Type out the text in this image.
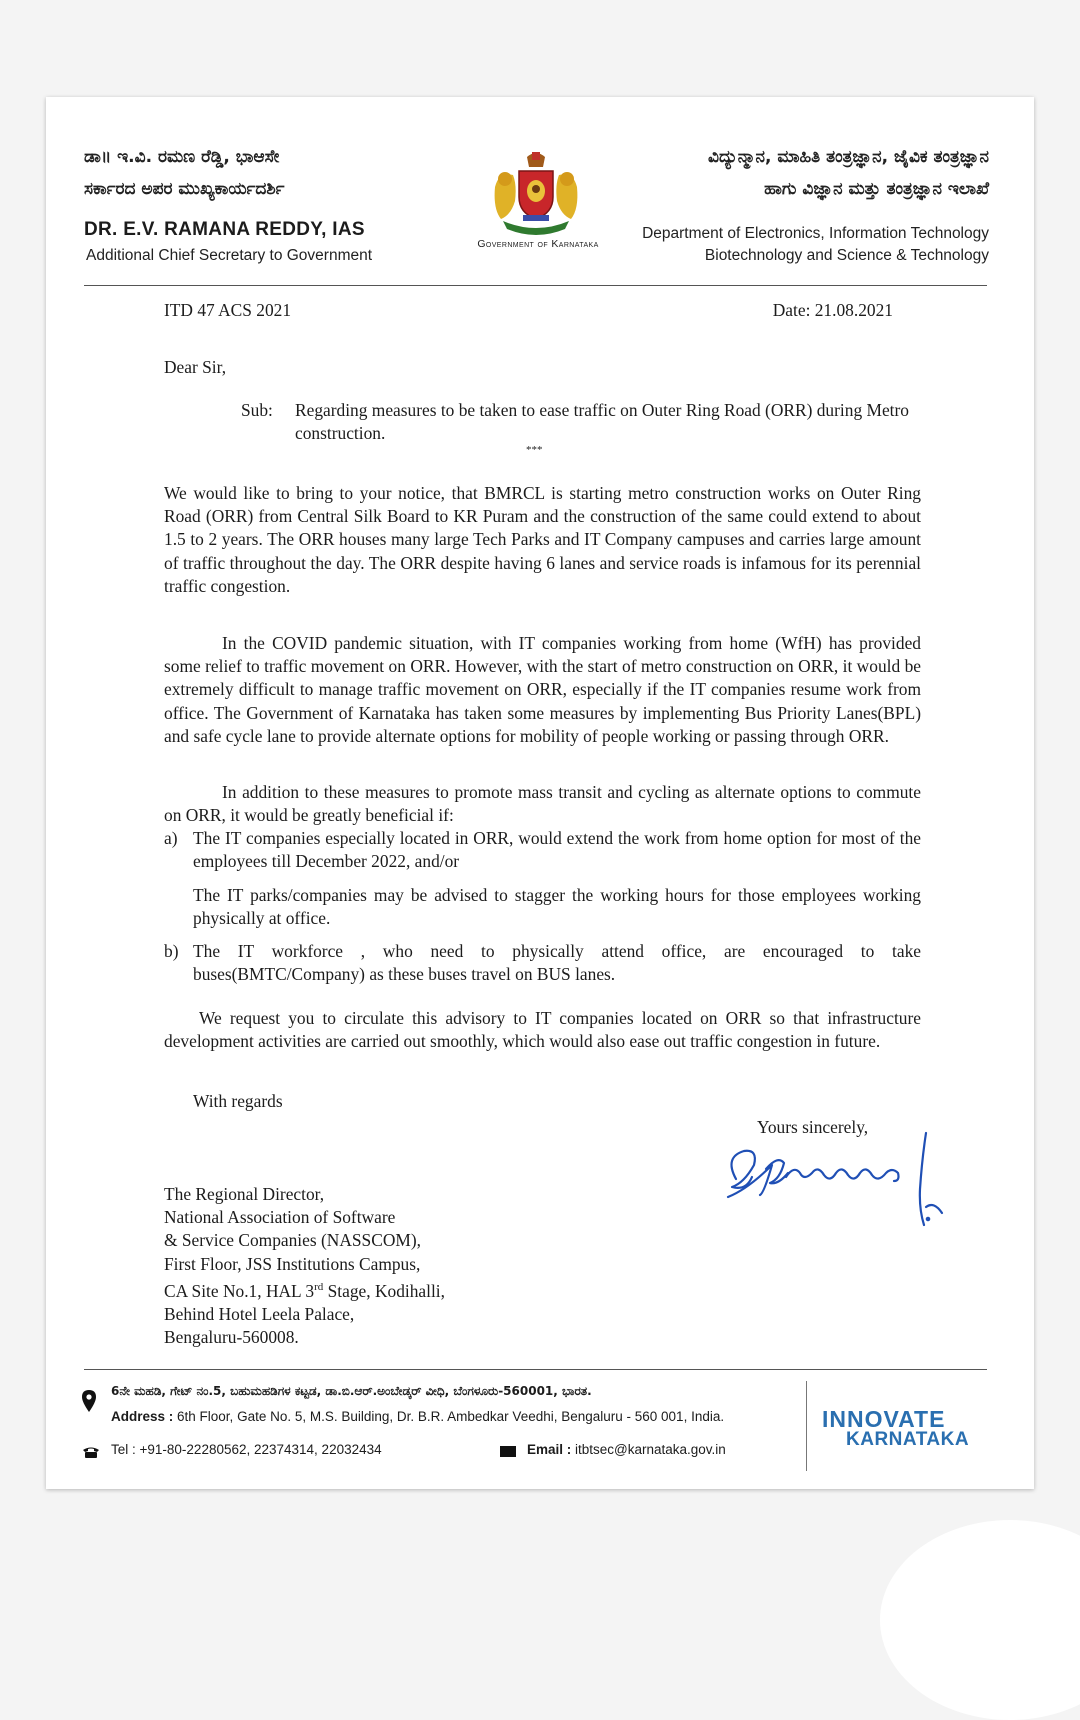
ಡಾ॥ ಇ.ವಿ. ರಮಣ ರೆಡ್ಡಿ, ಭಾಆಸೇ
ಸರ್ಕಾರದ ಅಪರ ಮುಖ್ಯಕಾರ್ಯದರ್ಶಿ
DR. E.V. RAMANA REDDY, IAS
Additional Chief Secretary to Government
Government of Karnataka
ವಿದ್ಯುನ್ಮಾನ, ಮಾಹಿತಿ ತಂತ್ರಜ್ಞಾನ, ಜೈವಿಕ ತಂತ್ರಜ್ಞಾನ
ಹಾಗು ವಿಜ್ಞಾನ ಮತ್ತು ತಂತ್ರಜ್ಞಾನ ಇಲಾಖೆ
Department of Electronics, Information Technology
Biotechnology and Science & Technology
ITD 47 ACS 2021	Date: 21.08.2021
Dear Sir,
Sub: Regarding measures to be taken to ease traffic on Outer Ring Road (ORR) during Metro construction.
***

We would like to bring to your notice, that BMRCL is starting metro construction works on Outer Ring Road (ORR) from Central Silk Board to KR Puram and the construction of the same could extend to about 1.5 to 2 years. The ORR houses many large Tech Parks and IT Company campuses and carries large amount of traffic throughout the day. The ORR despite having 6 lanes and service roads is infamous for its perennial traffic congestion.

In the COVID pandemic situation, with IT companies working from home (WfH) has provided some relief to traffic movement on ORR. However, with the start of metro construction on ORR, it would be extremely difficult to manage traffic movement on ORR, especially if the IT companies resume work from office. The Government of Karnataka has taken some measures by implementing Bus Priority Lanes(BPL) and safe cycle lane to provide alternate options for mobility of people working or passing through ORR.

In addition to these measures to promote mass transit and cycling as alternate options to commute on ORR, it would be greatly beneficial if:

a) The IT companies especially located in ORR, would extend the work from home option for most of the employees till December 2022, and/or

The IT parks/companies may be advised to stagger the working hours for those employees working physically at office.

b) The IT workforce , who need to physically attend office, are encouraged to take buses(BMTC/Company) as these buses travel on BUS lanes.

We request you to circulate this advisory to IT companies located on ORR so that infrastructure development activities are carried out smoothly, which would also ease out traffic congestion in future.

With regards
Yours sincerely,
The Regional Director,
National Association of Software
& Service Companies (NASSCOM),
First Floor, JSS Institutions Campus,
CA Site No.1, HAL 3rd Stage, Kodihalli,
Behind Hotel Leela Palace,
Bengaluru-560008.
6ನೇ ಮಹಡಿ, ಗೇಟ್ ನಂ.5, ಬಹುಮಹಡಿಗಳ ಕಟ್ಟಡ, ಡಾ.ಬಿ.ಆರ್.ಅಂಬೇಡ್ಕರ್ ವೀಧಿ, ಬೆಂಗಳೂರು-560001, ಭಾರತ.
Address : 6th Floor, Gate No. 5, M.S. Building, Dr. B.R. Ambedkar Veedhi, Bengaluru - 560 001, India.
Tel : +91-80-22280562, 22374314, 22032434	Email : itbtsec@karnataka.gov.in
INNOVATE
KARNATAKA
